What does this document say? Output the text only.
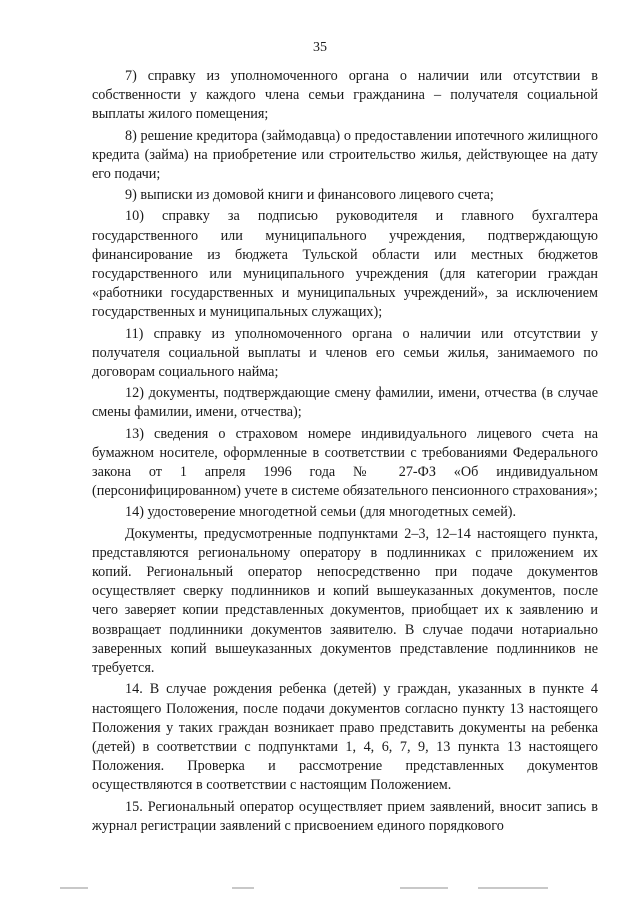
35

7) справку из уполномоченного органа о наличии или отсутствии в собственности у каждого члена семьи гражданина – получателя социальной выплаты жилого помещения;

8) решение кредитора (займодавца) о предоставлении ипотечного жилищного кредита (займа) на приобретение или строительство жилья, действующее на дату его подачи;

9) выписки из домовой книги и финансового лицевого счета;

10) справку за подписью руководителя и главного бухгалтера государственного или муниципального учреждения, подтверждающую финансирование из бюджета Тульской области или местных бюджетов государственного или муниципального учреждения (для категории граждан «работники государственных и муниципальных учреждений», за исключением государственных и муниципальных служащих);

11) справку из уполномоченного органа о наличии или отсутствии у получателя социальной выплаты и членов его семьи жилья, занимаемого по договорам социального найма;

12) документы, подтверждающие смену фамилии, имени, отчества (в случае смены фамилии, имени, отчества);

13) сведения о страховом номере индивидуального лицевого счета на бумажном носителе, оформленные в соответствии с требованиями Федерального закона от 1 апреля 1996 года № 27-ФЗ «Об индивидуальном (персонифицированном) учете в системе обязательного пенсионного страхования»;

14) удостоверение многодетной семьи (для многодетных семей).

Документы, предусмотренные подпунктами 2–3, 12–14 настоящего пункта, представляются региональному оператору в подлинниках с приложением их копий. Региональный оператор непосредственно при подаче документов осуществляет сверку подлинников и копий вышеуказанных документов, после чего заверяет копии представленных документов, приобщает их к заявлению и возвращает подлинники документов заявителю. В случае подачи нотариально заверенных копий вышеуказанных документов представление подлинников не требуется.

14. В случае рождения ребенка (детей) у граждан, указанных в пункте 4 настоящего Положения, после подачи документов согласно пункту 13 настоящего Положения у таких граждан возникает право представить документы на ребенка (детей) в соответствии с подпунктами 1, 4, 6, 7, 9, 13 пункта 13 настоящего Положения. Проверка и рассмотрение представленных документов осуществляются в соответствии с настоящим Положением.

15. Региональный оператор осуществляет прием заявлений, вносит запись в журнал регистрации заявлений с присвоением единого порядкового
